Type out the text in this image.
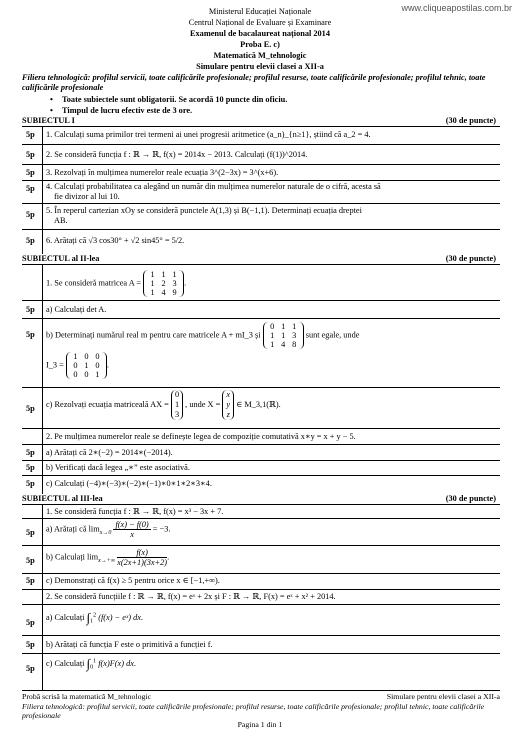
www.cliqueapostilas.com.br
Ministerul Educației Naționale
Centrul Național de Evaluare și Examinare
Examenul de bacalaureat național 2014
Proba E. c)
Matematică M_tehnologic
Simulare pentru elevii clasei a XII-a
Filiera tehnologică: profilul servicii, toate calificările profesionale; profilul resurse, toate calificările profesionale; profilul tehnic, toate calificările profesionale
• Toate subiectele sunt obligatorii. Se acordă 10 puncte din oficiu.
• Timpul de lucru efectiv este de 3 ore.
SUBIECTUL I	(30 de puncte)
5p	1. Calculați suma primilor trei termeni ai unei progresii aritmetice (a_n)_{n≥1}, știind că a_2 = 4.
5p	2. Se consideră funcția f : ℝ → ℝ, f(x) = 2014x − 2013. Calculați (f(1))^2014.
5p	3. Rezolvați în mulțimea numerelor reale ecuația 3^(2−3x) = 3^(x+6).
5p	4. Calculați probabilitatea ca alegând un număr din mulțimea numerelor naturale de o cifră, acesta să
fie divizor al lui 10.
5p	5. În reperul cartezian xOy se consideră punctele A(1,3) și B(−1,1). Determinați ecuația dreptei
AB.
5p	6. Arătați că √3 cos30° + √2 sin45° = 5/2.
SUBIECTUL al II-lea	(30 de puncte)
1. Se consideră matricea A = 1 1 1
1 2 3
1 4 9.
5p	a) Calculați det A.
5p	b) Determinați numărul real m pentru care matricele A + mI_3 și 0 1 1
1 1 3
1 4 8 sunt egale, unde
I_3 = 1 0 0
0 1 0
0 0 1.
5p	c) Rezolvați ecuația matriceală AX = 0
1
3 , unde X = x
y
z ∈ M_3,1(ℝ).
2. Pe mulțimea numerelor reale se definește legea de compoziție comutativă x∗y = x + y − 5.
5p	a) Arătați că 2∗(−2) = 2014∗(−2014).
5p	b) Verificați dacă legea „∗” este asociativă.
5p	c) Calculați (−4)∗(−3)∗(−2)∗(−1)∗0∗1∗2∗3∗4.
SUBIECTUL al III-lea	(30 de puncte)
1. Se consideră funcția f : ℝ → ℝ, f(x) = x³ − 3x + 7.
5p	a) Arătați că $\lim_{x\to 0} \frac{f(x) - f(0)}{x} = -3$.
5p	b) Calculați $\lim_{x\to+\infty} \frac{f(x)}{x(2x+1)(3x+2)}$.
5p	c) Demonstrați că f(x) ≥ 5 pentru orice x ∈ [−1,+∞).
2. Se consideră funcțiile f : ℝ → ℝ, f(x) = eˣ + 2x și F : ℝ → ℝ, F(x) = eˣ + x² + 2014.
5p
a) Calculați $\int_1^2$ (f(x) − eˣ) dx.
5p	b) Arătați că funcția F este o primitivă a funcției f.
5p
c) Calculați $\int_0^1$ f(x)F(x) dx.
Probă scrisă la matematică M_tehnologic	Simulare pentru elevii clasei a XII-a
Filiera tehnologică: profilul servicii, toate calificările profesionale; profilul resurse, toate calificările profesionale; profilul tehnic, toate calificările profesionale
Pagina 1 din 1
